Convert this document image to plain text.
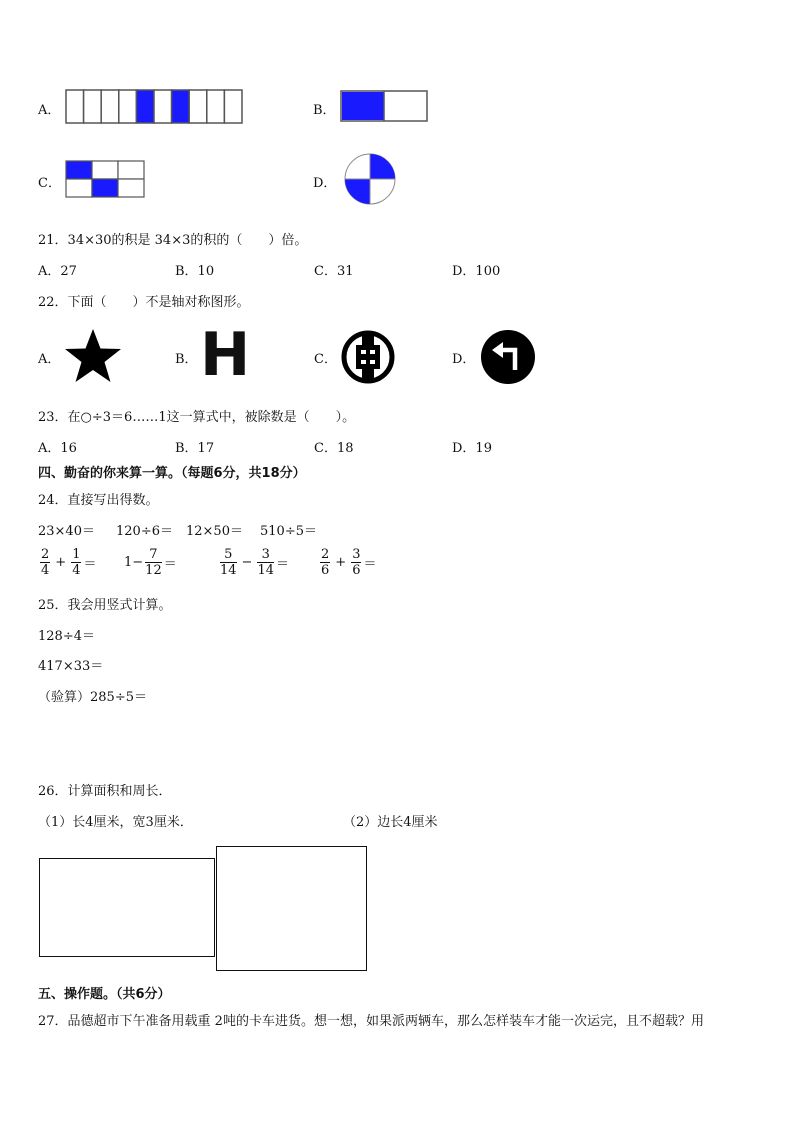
A．	B．
C．	D．
21．34×30的积是 34×3的积的（　　）倍。
A．27	B．10	C．31	D．100
22．下面（　　）不是轴对称图形。
A．	B． H	C．	D．
23．在○÷3＝6……1这一算式中，被除数是（　　）。
A．16	B．17	C．18	D．19
四、勤奋的你来算一算。（每题6分，共18分）
24．直接写出得数。
23×40＝ 120÷6＝ 12×50＝ 510÷5＝
$\frac{2}{4} + \frac{1}{4} = 1- \frac{7}{12}$ ＝	$\frac{5}{14} - \frac{3}{14} = \frac{2}{6} + \frac{3}{6}$ ＝
25．我会用竖式计算。
128÷4＝
417×33＝
（验算）285÷5＝
26．计算面积和周长．
（1）长4厘米，宽3厘米．	（2）边长4厘米
五、操作题。（共6分）
27．品德超市下午准备用载重 2吨的卡车进货。想一想，如果派两辆车，那么怎样装车才能一次运完，且不超载？用
